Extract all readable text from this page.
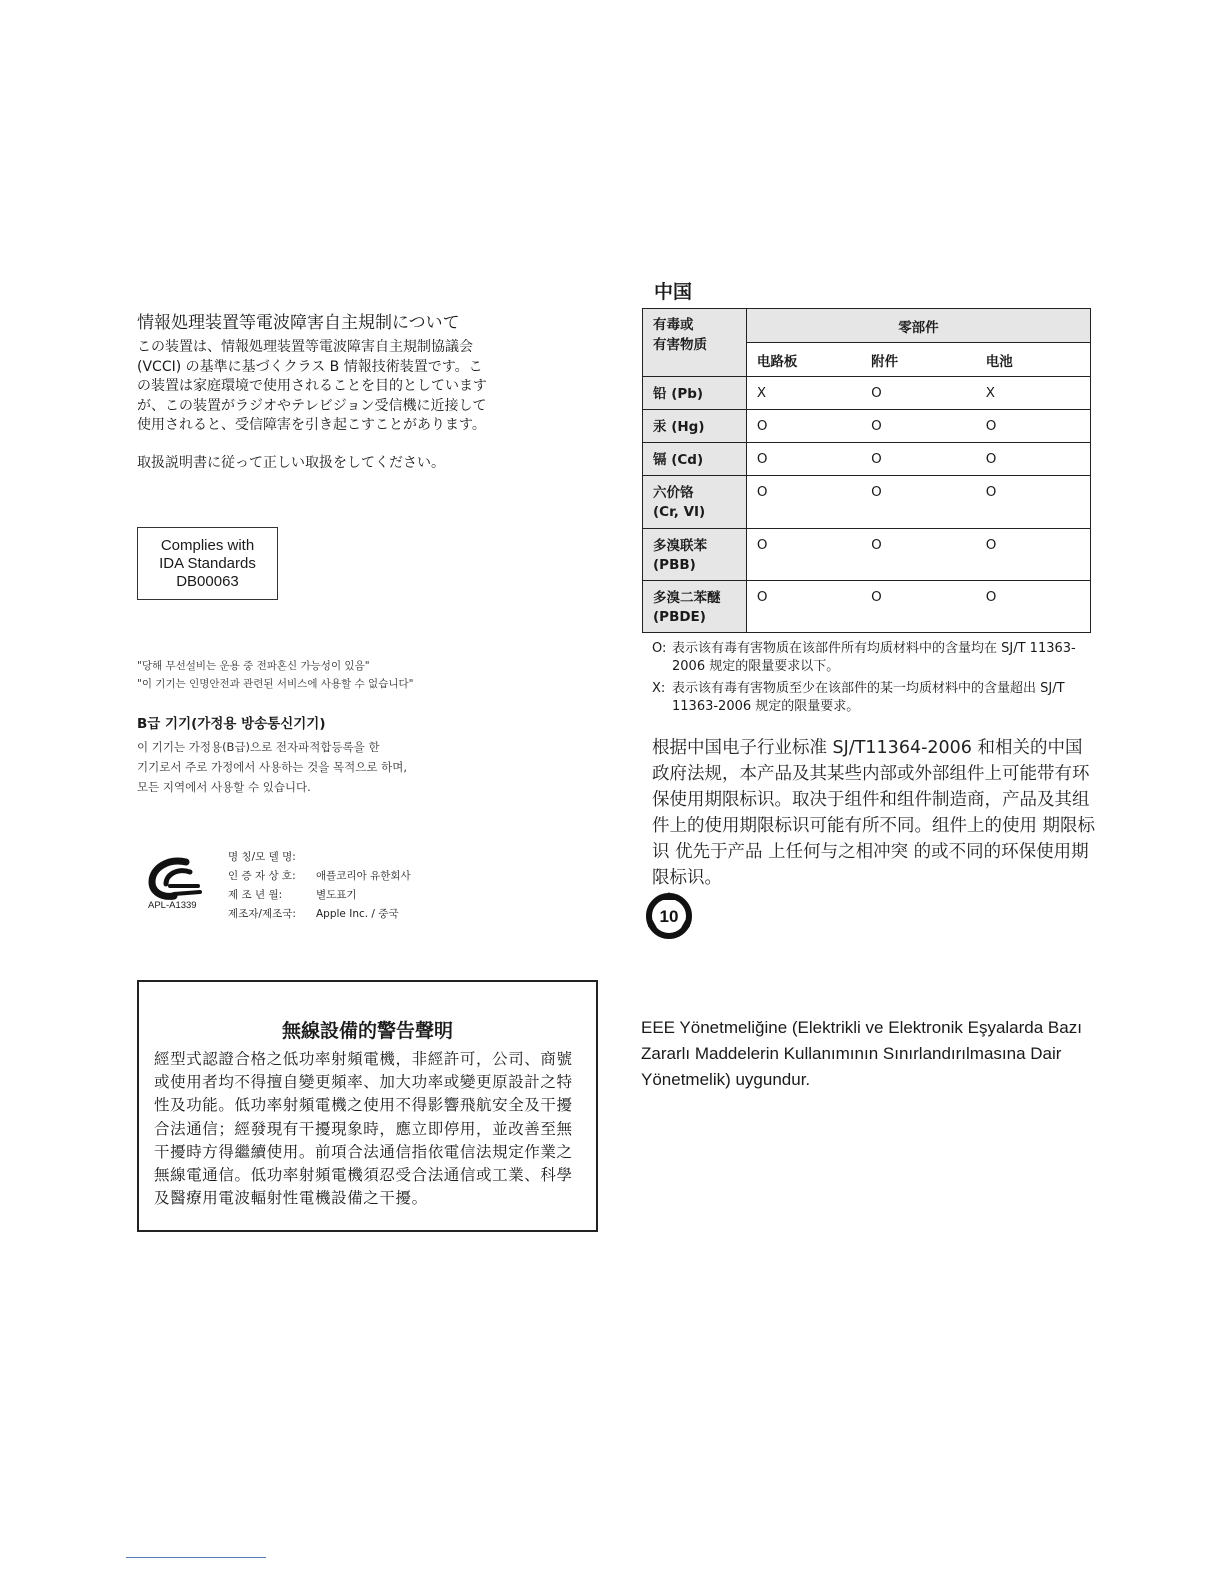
情報処理装置等電波障害自主規制について
この装置は、情報処理装置等電波障害自主規制協議会 (VCCI) の基準に基づくクラス B 情報技術装置です。この装置は家庭環境で使用されることを目的としていますが、この装置がラジオやテレビジョン受信機に近接して使用されると、受信障害を引き起こすことがあります。
取扱説明書に従って正しい取扱をしてください。
Complies with
IDA Standards
DB00063
"당해 무선설비는 운용 중 전파혼신 가능성이 있음"
"이 기기는 인명안전과 관련된 서비스에 사용할 수 없습니다"
B급 기기(가정용 방송통신기기)
이 기기는 가정용(B급)으로 전자파적합등록을 한
기기로서 주로 가정에서 사용하는 것을 목적으로 하며,
모든 지역에서 사용할 수 있습니다.
APL-A1339
명 칭/모 델 명:
인 증 자 상 호: 애플코리아 유한회사
제 조 년 월:	별도표기
제조자/제조국: Apple Inc. / 중국
無線設備的警告聲明
經型式認證合格之低功率射頻電機，非經許可，公司、商號或使用者均不得擅自變更頻率、加大功率或變更原設計之特性及功能。低功率射頻電機之使用不得影響飛航安全及干擾合法通信；經發現有干擾現象時，應立即停用，並改善至無干擾時方得繼續使用。前項合法通信指依電信法規定作業之無線電通信。低功率射頻電機須忍受合法通信或工業、科學及醫療用電波輻射性電機設備之干擾。
中国
有毒或
有害物质	零部件		
	电路板	附件	电池
铅 (Pb)	X	O	X
汞 (Hg)	O	O	O
镉 (Cd)	O	O	O

六价铬
(Cr, VI)	O	O	O

多溴联苯
(PBB)	O	O	O

多溴二苯醚
(PBDE)	O	O	O
O: 表示该有毒有害物质在该部件所有均质材料中的含量均在 SJ/T 11363-2006 规定的限量要求以下。
X: 表示该有毒有害物质至少在该部件的某一均质材料中的含量超出 SJ/T 11363-2006 规定的限量要求。
根据中国电子行业标准 SJ/T11364-2006 和相关的中国政府法规，本产品及其某些内部或外部组件上可能带有环保使用期限标识。取决于组件和组件制造商，产品及其组件上的使用期限标识可能有所不同。组件上的使用 期限标识 优先于产品 上任何与之相冲突 的或不同的环保使用期限标识。
10
EEE Yönetmeliğine (Elektrikli ve Elektronik Eşyalarda Bazı Zararlı Maddelerin Kullanımının Sınırlandırılmasına Dair Yönetmelik) uygundur.
